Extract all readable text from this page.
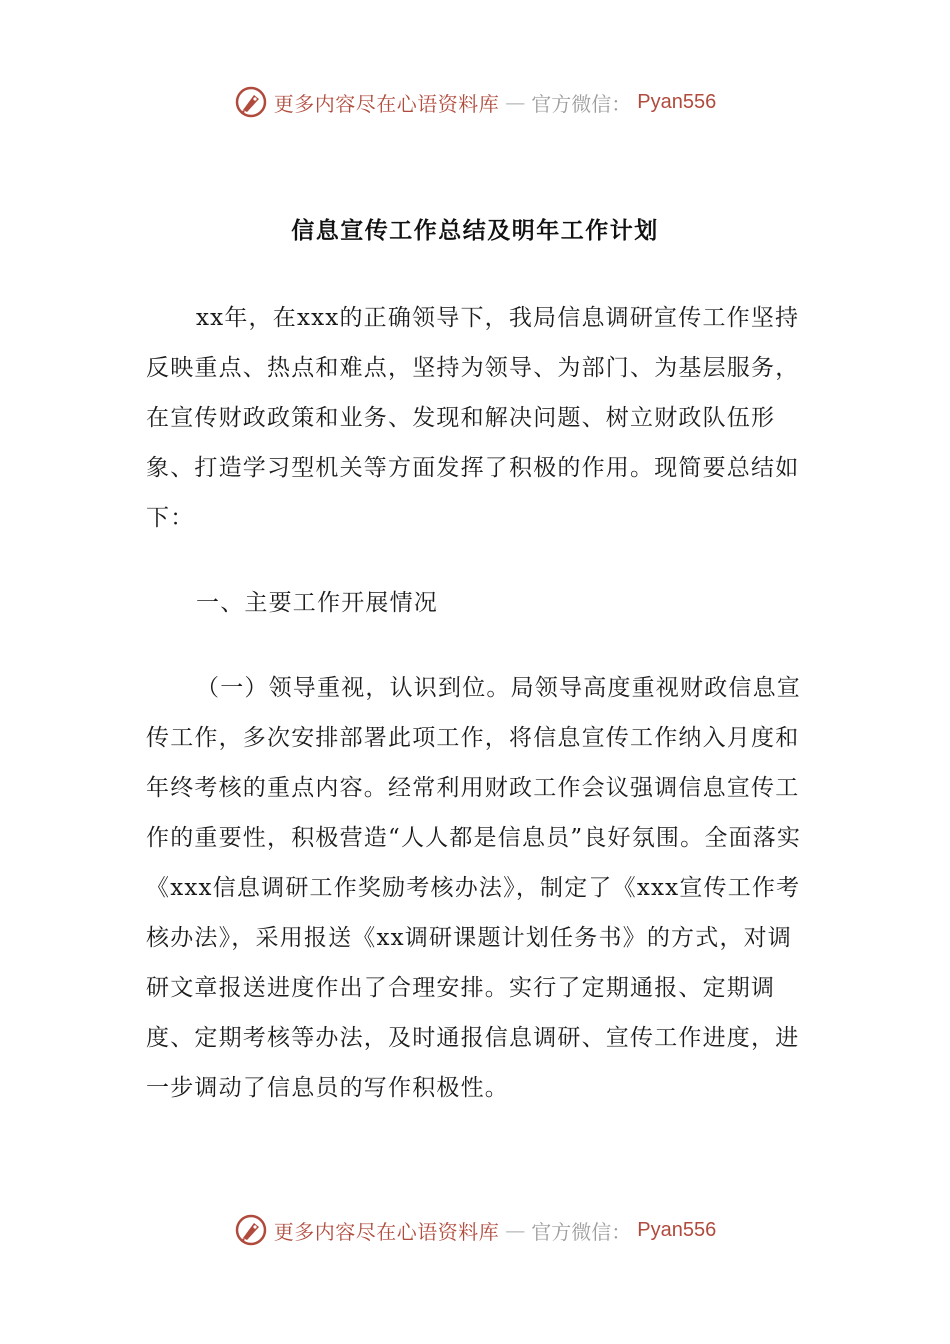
更多内容尽在心语资料库 — 官方微信： Pyan556
信息宣传工作总结及明年工作计划

xx年，在xxx的正确领导下，我局信息调研宣传工作坚持反映重点、热点和难点，坚持为领导、为部门、为基层服务，在宣传财政政策和业务、发现和解决问题、树立财政队伍形象、打造学习型机关等方面发挥了积极的作用。现简要总结如下：

一、主要工作开展情况

（一）领导重视，认识到位。局领导高度重视财政信息宣传工作，多次安排部署此项工作，将信息宣传工作纳入月度和年终考核的重点内容。经常利用财政工作会议强调信息宣传工作的重要性，积极营造“人人都是信息员”良好氛围。全面落实《xxx信息调研工作奖励考核办法》，制定了《xxx宣传工作考核办法》，采用报送《xx调研课题计划任务书》的方式，对调研文章报送进度作出了合理安排。实行了定期通报、定期调度、定期考核等办法，及时通报信息调研、宣传工作进度，进一步调动了信息员的写作积极性。

更多内容尽在心语资料库 — 官方微信： Pyan556
